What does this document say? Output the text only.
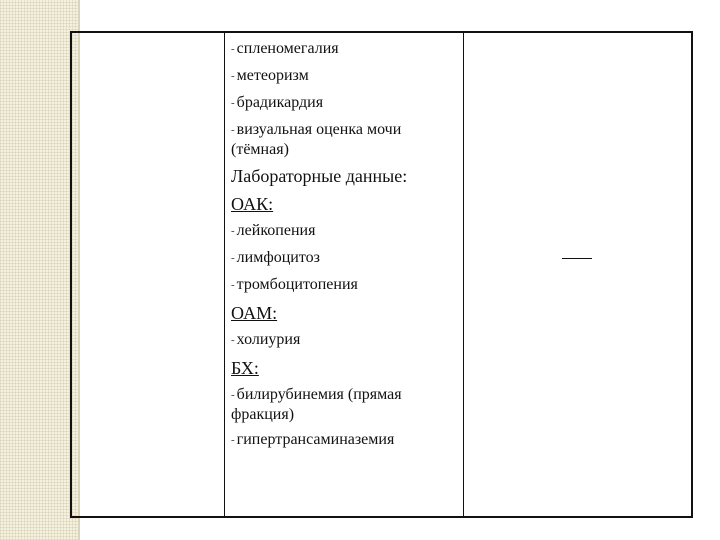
- спленомегалия
- метеоризм
- брадикардия
- визуальная оценка мочи (тёмная)
Лабораторные данные:
ОАК:
- лейкопения
- лимфоцитоз
- тромбоцитопения
ОАМ:
- холиурия
БХ:
- билирубинемия (прямая фракция)
- гипертрансаминаземия
